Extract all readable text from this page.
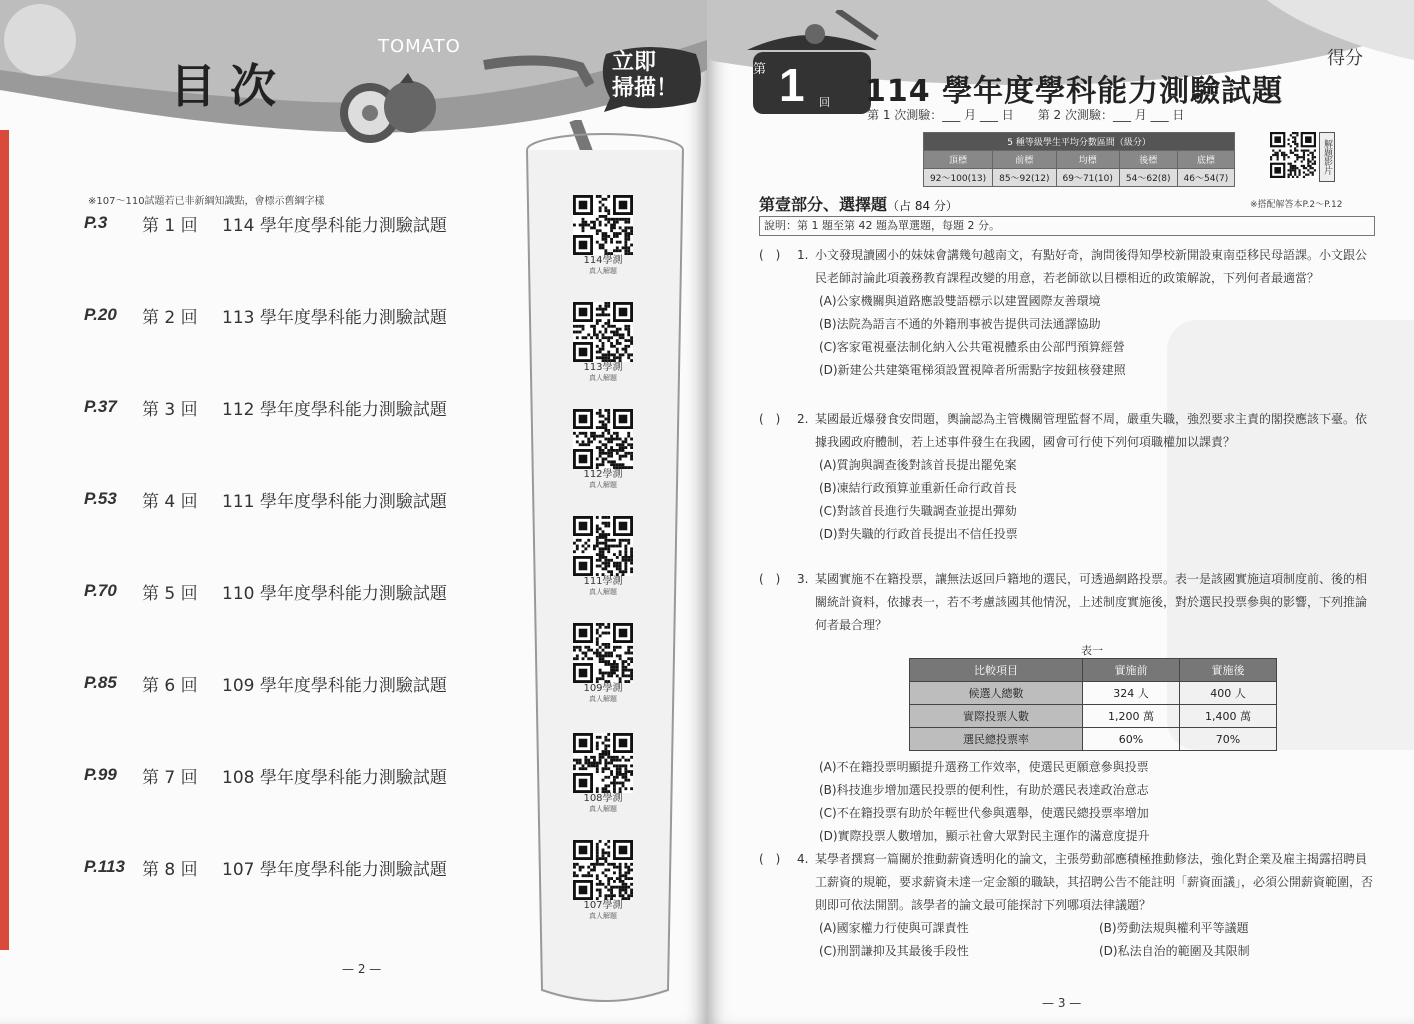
目次
TOMATO
立即
掃描！
※107～110試題若已非新綱知識點，會標示舊綱字樣
P.3	第 1 回	114 學年度學科能力測驗試題
P.20	第 2 回	113 學年度學科能力測驗試題
P.37	第 3 回	112 學年度學科能力測驗試題
P.53	第 4 回	111 學年度學科能力測驗試題
P.70	第 5 回	110 學年度學科能力測驗試題
P.85	第 6 回	109 學年度學科能力測驗試題
P.99	第 7 回	108 學年度學科能力測驗試題
P.113	第 8 回	107 學年度學科能力測驗試題
114學測
真人解題
113學測
真人解題
112學測
真人解題
111學測
真人解題
109學測
真人解題
108學測
真人解題
107學測
真人解題
— 2 —
第 1 回 114 學年度學科能力測驗試題
得分
第 1 次測驗：___ 月 ___ 日　　第 2 次測驗：___ 月 ___ 日
5 種等級學生平均分數區間（級分）				
頂標	前標	均標	後標	底標
92～100(13)	85～92(12)	69～71(10)	54～62(8)	46～54(7)
解題影片
第壹部分、選擇題（占 84 分）	※搭配解答本P.2～P.12
說明：第 1 題至第 42 題為單選題，每題 2 分。
(　)	1. 小文發現讀國小的妹妹會講幾句越南文，有點好奇，詢問後得知學校新開設東南亞移民母語課。小文跟公民老師討論此項義務教育課程改變的用意，若老師欲以目標相近的政策解說，下列何者最適當？
(A)公家機關與道路應設雙語標示以建置國際友善環境
(B)法院為語言不通的外籍刑事被告提供司法通譯協助
(C)客家電視臺法制化納入公共電視體系由公部門預算經營
(D)新建公共建築電梯須設置視障者所需點字按鈕核發建照
(　)	2. 某國最近爆發食安問題，輿論認為主管機關管理監督不周，嚴重失職，強烈要求主責的閣揆應該下臺。依據我國政府體制，若上述事件發生在我國，國會可行使下列何項職權加以課責？
(A)質詢與調查後對該首長提出罷免案
(B)凍結行政預算並重新任命行政首長
(C)對該首長進行失職調查並提出彈劾
(D)對失職的行政首長提出不信任投票
(　)	3. 某國實施不在籍投票，讓無法返回戶籍地的選民，可透過網路投票。表一是該國實施這項制度前、後的相關統計資料，依據表一，若不考慮該國其他情況，上述制度實施後，對於選民投票參與的影響，下列推論何者最合理？
表一
比較項目	實施前	實施後
候選人總數	324 人	400 人
實際投票人數	1,200 萬	1,400 萬
選民總投票率	60%	70%
(A)不在籍投票明顯提升選務工作效率，使選民更願意參與投票
(B)科技進步增加選民投票的便利性，有助於選民表達政治意志
(C)不在籍投票有助於年輕世代參與選舉，使選民總投票率增加
(D)實際投票人數增加，顯示社會大眾對民主運作的滿意度提升
(　)	4. 某學者撰寫一篇關於推動薪資透明化的論文，主張勞動部應積極推動修法，強化對企業及雇主揭露招聘員工薪資的規範，要求薪資未達一定金額的職缺，其招聘公告不能註明「薪資面議」，必須公開薪資範圍，否則即可依法開罰。該學者的論文最可能探討下列哪項法律議題？
(A)國家權力行使與可課責性	(B)勞動法規與權利平等議題
(C)刑罰謙抑及其最後手段性	(D)私法自治的範圍及其限制
— 3 —
